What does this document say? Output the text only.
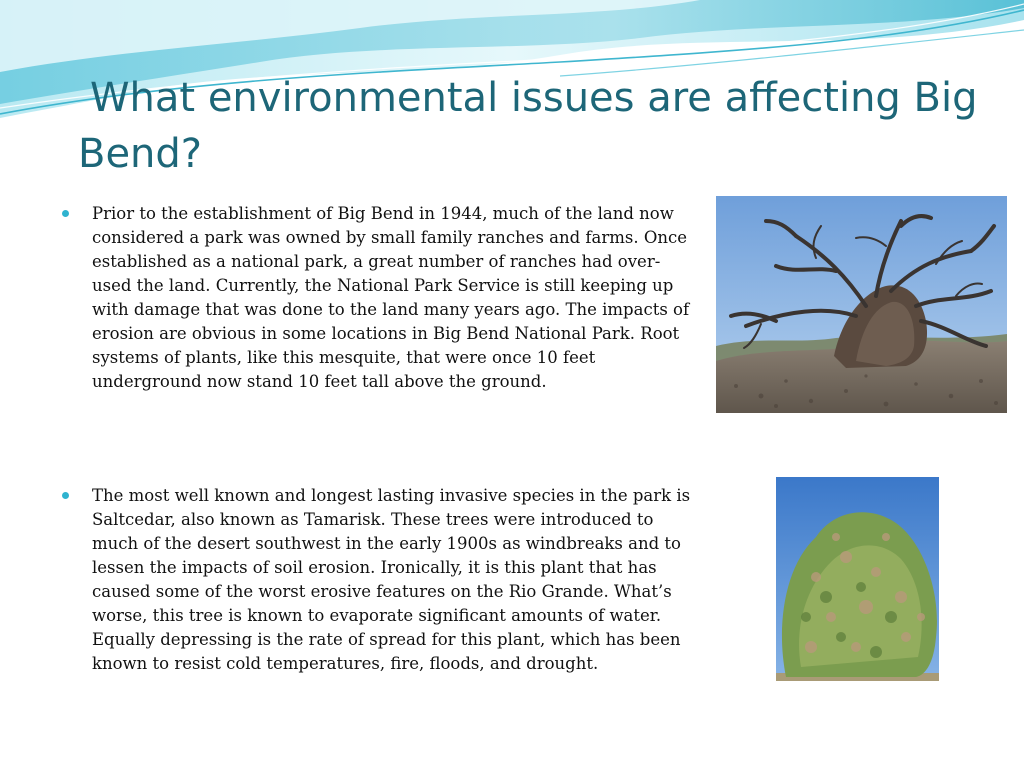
What environmental issues are affecting Big Bend?

Prior to the establishment of Big Bend in 1944, much of the land now considered a park was owned by small family ranches and farms. Once established as a national park, a great number of ranches had over-used the land. Currently, the National Park Service is still keeping up with damage that was done to the land many years ago. The impacts of erosion are obvious in some locations in Big Bend National Park. Root systems of plants, like this mesquite, that were once 10 feet underground now stand 10 feet tall above the ground.

The most well known and longest lasting invasive species in the park is Saltcedar, also known as Tamarisk. These trees were introduced to much of the desert southwest in the early 1900s as windbreaks and to lessen the impacts of soil erosion. Ironically, it is this plant that has caused some of the worst erosive features on the Rio Grande. What’s worse, this tree is known to evaporate significant amounts of water. Equally depressing is the rate of spread for this plant, which has been known to resist cold temperatures, fire, floods, and drought.
